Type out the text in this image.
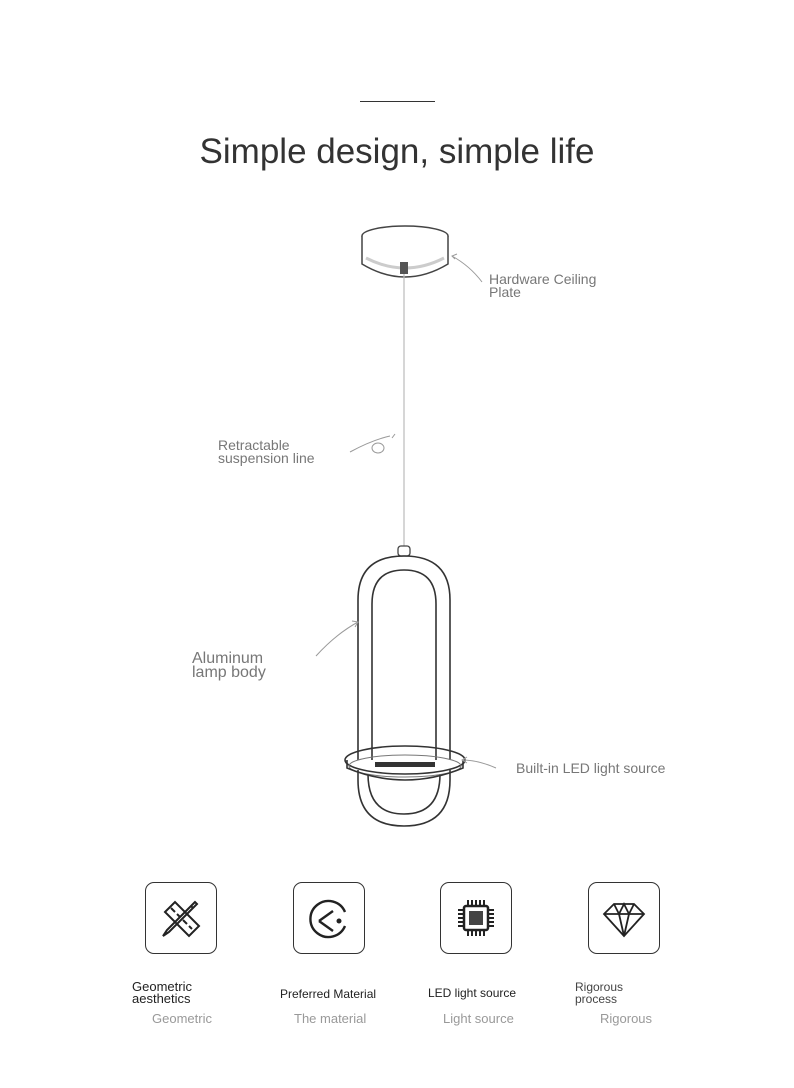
Simple design, simple life
Hardware Ceiling Plate
Retractable suspension line
Aluminum lamp body
Built-in LED light source
Geometric aesthetics	Preferred Material	LED light source	Rigorous process
Geometric	The material	Light source	Rigorous
